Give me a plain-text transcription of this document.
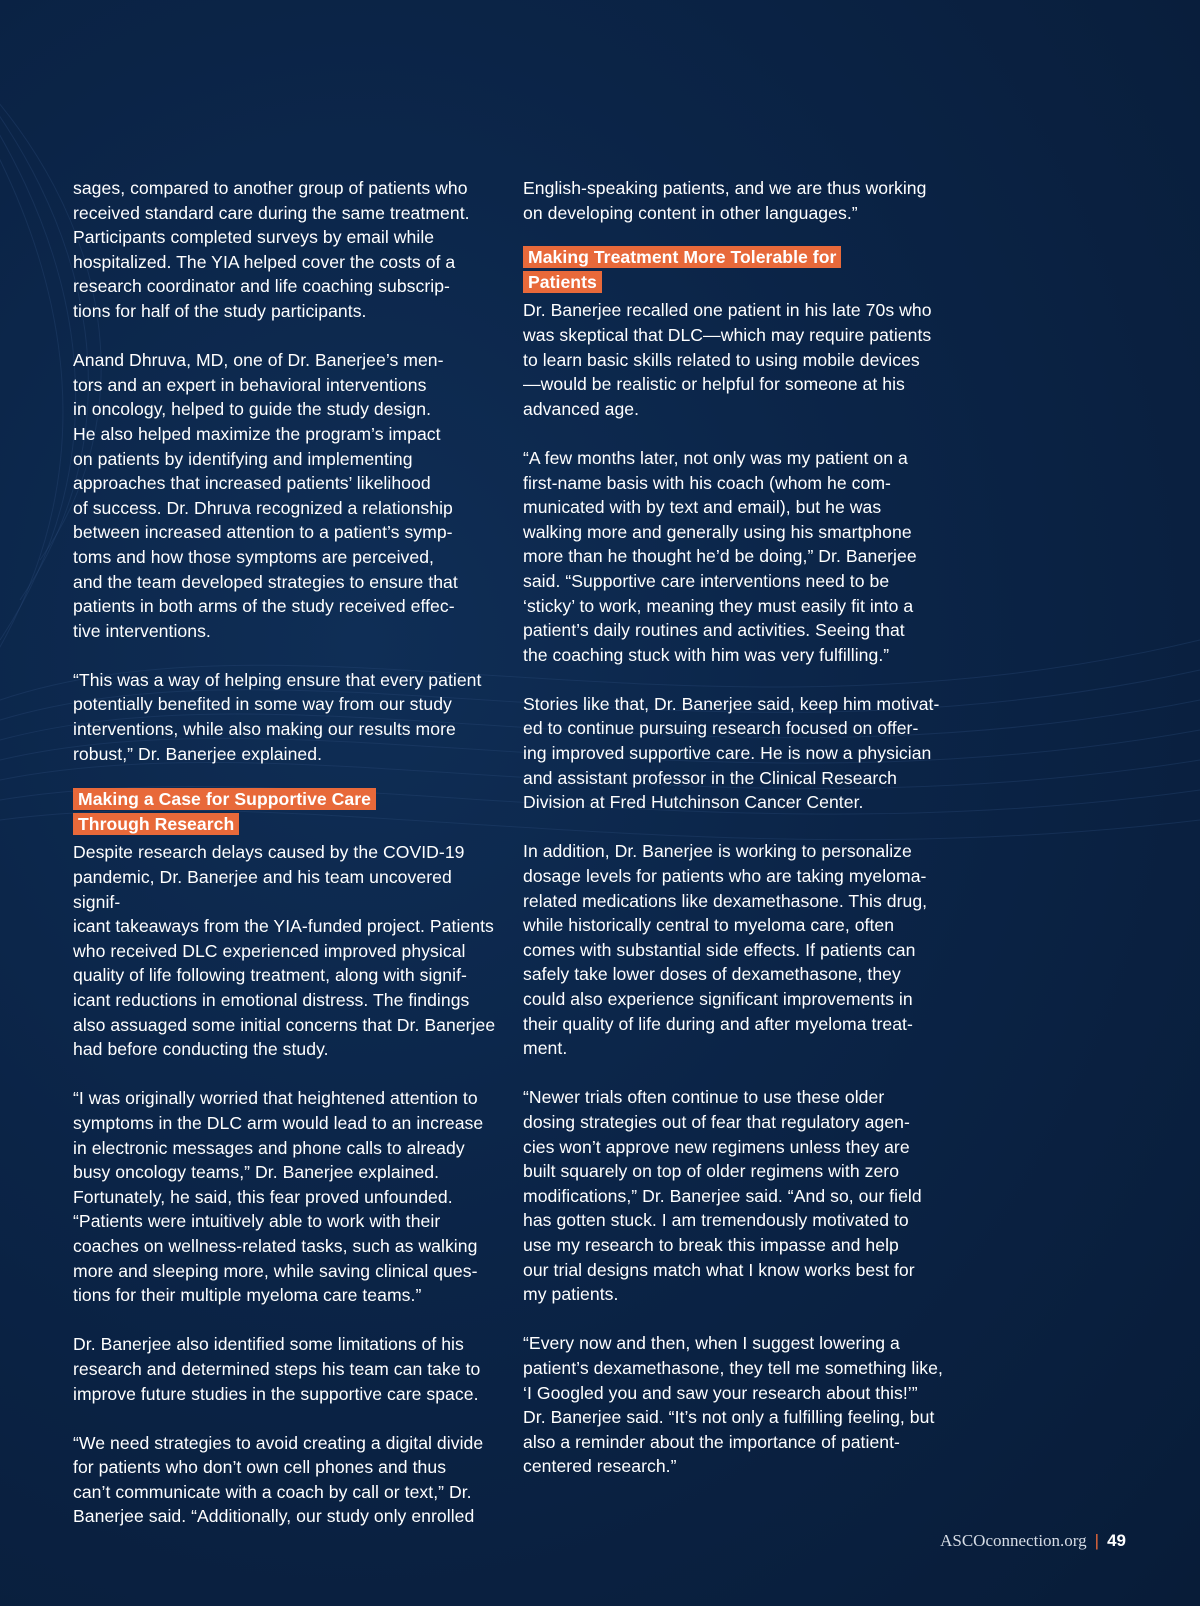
sages, compared to another group of patients who
received standard care during the same treatment.
Participants completed surveys by email while
hospitalized. The YIA helped cover the costs of a
research coordinator and life coaching subscrip-
tions for half of the study participants.

Anand Dhruva, MD, one of Dr. Banerjee’s men-
tors and an expert in behavioral interventions
in oncology, helped to guide the study design.
He also helped maximize the program’s impact
on patients by identifying and implementing
approaches that increased patients’ likelihood
of success. Dr. Dhruva recognized a relationship
between increased attention to a patient’s symp-
toms and how those symptoms are perceived,
and the team developed strategies to ensure that
patients in both arms of the study received effec-
tive interventions.

“This was a way of helping ensure that every patient
potentially benefited in some way from our study
interventions, while also making our results more
robust,” Dr. Banerjee explained.

Making a Case for Supportive Care
Through Research

Despite research delays caused by the COVID-19
pandemic, Dr. Banerjee and his team uncovered signif-
icant takeaways from the YIA-funded project. Patients
who received DLC experienced improved physical
quality of life following treatment, along with signif-
icant reductions in emotional distress. The findings
also assuaged some initial concerns that Dr. Banerjee
had before conducting the study.

“I was originally worried that heightened attention to
symptoms in the DLC arm would lead to an increase
in electronic messages and phone calls to already
busy oncology teams,” Dr. Banerjee explained.
Fortunately, he said, this fear proved unfounded.
“Patients were intuitively able to work with their
coaches on wellness-related tasks, such as walking
more and sleeping more, while saving clinical ques-
tions for their multiple myeloma care teams.”

Dr. Banerjee also identified some limitations of his
research and determined steps his team can take to
improve future studies in the supportive care space.

“We need strategies to avoid creating a digital divide
for patients who don’t own cell phones and thus
can’t communicate with a coach by call or text,” Dr.
Banerjee said. “Additionally, our study only enrolled

English-speaking patients, and we are thus working
on developing content in other languages.”

Making Treatment More Tolerable for
Patients

Dr. Banerjee recalled one patient in his late 70s who
was skeptical that DLC—which may require patients
to learn basic skills related to using mobile devices
—would be realistic or helpful for someone at his
advanced age.

“A few months later, not only was my patient on a
first-name basis with his coach (whom he com-
municated with by text and email), but he was
walking more and generally using his smartphone
more than he thought he’d be doing,” Dr. Banerjee
said. “Supportive care interventions need to be
‘sticky’ to work, meaning they must easily fit into a
patient’s daily routines and activities. Seeing that
the coaching stuck with him was very fulfilling.”

Stories like that, Dr. Banerjee said, keep him motivat-
ed to continue pursuing research focused on offer-
ing improved supportive care. He is now a physician
and assistant professor in the Clinical Research
Division at Fred Hutchinson Cancer Center.

In addition, Dr. Banerjee is working to personalize
dosage levels for patients who are taking myeloma-
related medications like dexamethasone. This drug,
while historically central to myeloma care, often
comes with substantial side effects. If patients can
safely take lower doses of dexamethasone, they
could also experience significant improvements in
their quality of life during and after myeloma treat-
ment.

“Newer trials often continue to use these older
dosing strategies out of fear that regulatory agen-
cies won’t approve new regimens unless they are
built squarely on top of older regimens with zero
modifications,” Dr. Banerjee said. “And so, our field
has gotten stuck. I am tremendously motivated to
use my research to break this impasse and help
our trial designs match what I know works best for
my patients.

“Every now and then, when I suggest lowering a
patient’s dexamethasone, they tell me something like,
‘I Googled you and saw your research about this!’”
Dr. Banerjee said. “It’s not only a fulfilling feeling, but
also a reminder about the importance of patient-
centered research.”

ASCOconnection.org | 49
